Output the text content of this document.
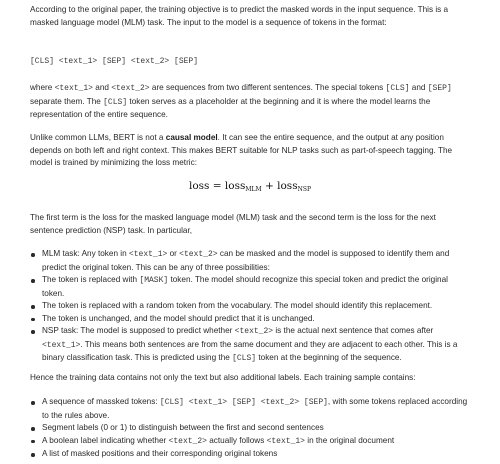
According to the original paper, the training objective is to predict the masked words in the input sequence. This is a masked language model (MLM) task. The input to the model is a sequence of tokens in the format:

[CLS] <text_1> [SEP] <text_2> [SEP]

where <text_1> and <text_2> are sequences from two different sentences. The special tokens [CLS] and [SEP] separate them. The [CLS] token serves as a placeholder at the beginning and it is where the model learns the representation of the entire sequence.

Unlike common LLMs, BERT is not a causal model. It can see the entire sequence, and the output at any position depends on both left and right context. This makes BERT suitable for NLP tasks such as part-of-speech tagging. The model is trained by minimizing the loss metric:

loss = loss$_{MLM}$ + loss$_{NSP}$

The first term is the loss for the masked language model (MLM) task and the second term is the loss for the next sentence prediction (NSP) task. In particular,

MLM task: Any token in <text_1> or <text_2> can be masked and the model is supposed to identify them and predict the original token. This can be any of three possibilities:
The token is replaced with [MASK] token. The model should recognize this special token and predict the original token.
The token is replaced with a random token from the vocabulary. The model should identify this replacement.
The token is unchanged, and the model should predict that it is unchanged.
NSP task: The model is supposed to predict whether <text_2> is the actual next sentence that comes after <text_1>. This means both sentences are from the same document and they are adjacent to each other. This is a binary classification task. This is predicted using the [CLS] token at the beginning of the sequence.

Hence the training data contains not only the text but also additional labels. Each training sample contains:

A sequence of massked tokens: [CLS] <text_1> [SEP] <text_2> [SEP], with some tokens replaced according to the rules above.
Segment labels (0 or 1) to distinguish between the first and second sentences
A boolean label indicating whether <text_2> actually follows <text_1> in the original document
A list of masked positions and their corresponding original tokens
